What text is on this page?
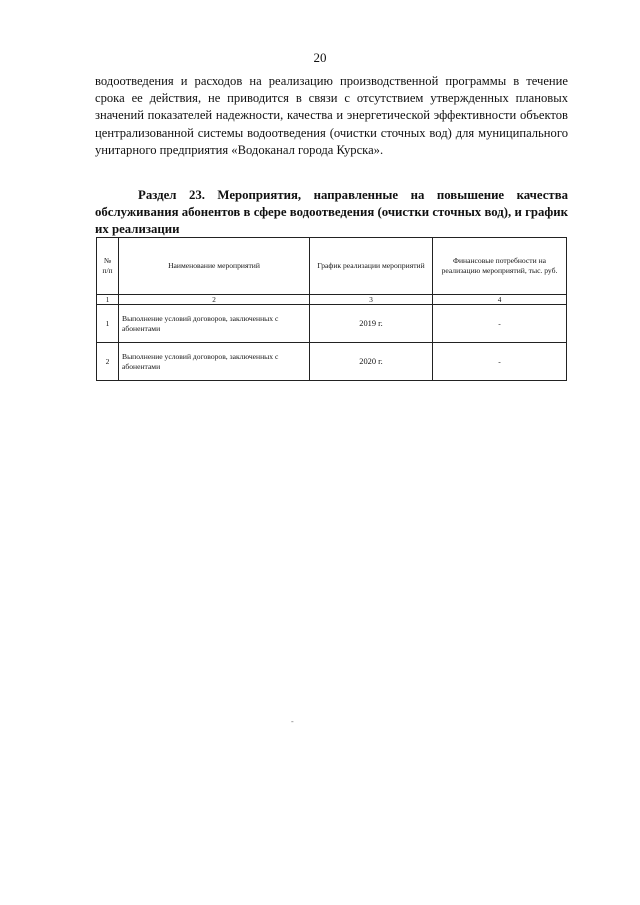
20

водоотведения и расходов на реализацию производственной программы в течение срока ее действия, не приводится в связи с отсутствием утвержденных плановых значений показателей надежности, качества и энергетической эффективности объектов централизованной системы водоотведения (очистки сточных вод) для муниципального унитарного предприятия «Водоканал города Курска».

Раздел 23. Мероприятия, направленные на повышение качества обслуживания абонентов в сфере водоотведения (очистки сточных вод), и график их реализации

№ п/п	Наименование мероприятий	График реализации мероприятий	Финансовые потребности на реализацию мероприятий, тыс. руб.
1	2	3	4
1	Выполнение условий договоров, заключенных с абонентами	2019 г.	-
2	Выполнение условий договоров, заключенных с абонентами	2020 г.	-
-
